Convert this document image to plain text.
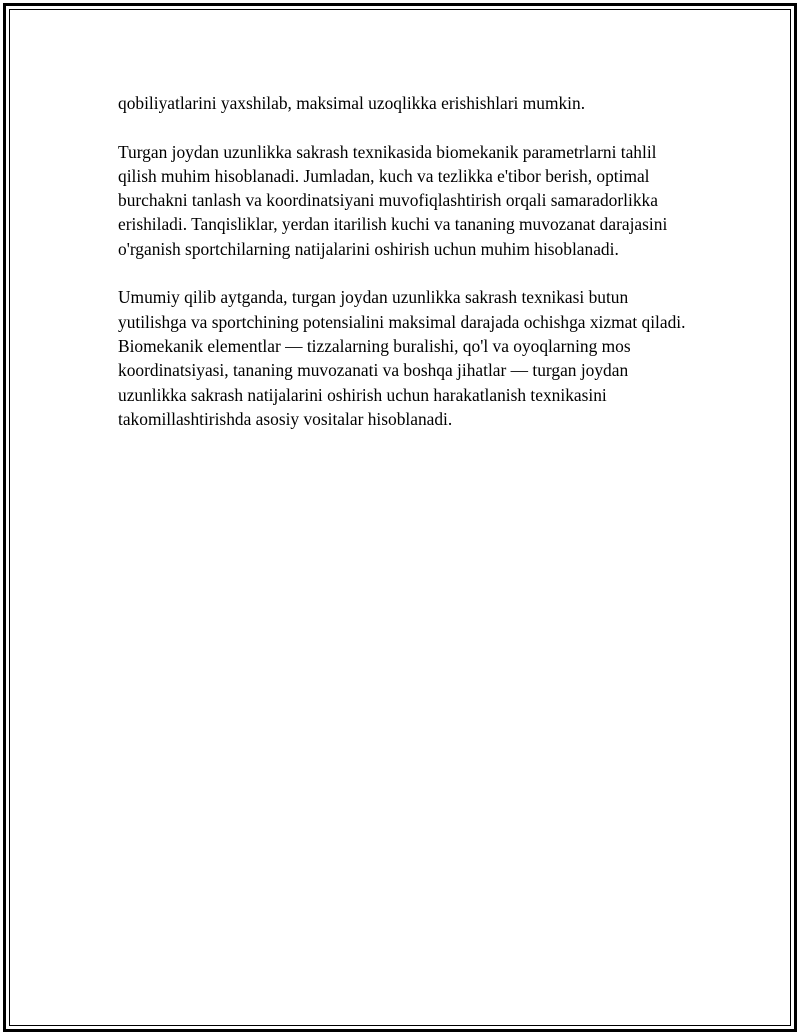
qobiliyatlarini yaxshilab, maksimal uzoqlikka erishishlari mumkin.

Turgan joydan uzunlikka sakrash texnikasida biomekanik parametrlarni tahlil qilish muhim hisoblanadi. Jumladan, kuch va tezlikka e'tibor berish, optimal burchakni tanlash va koordinatsiyani muvofiqlashtirish orqali samaradorlikka erishiladi. Tanqisliklar, yerdan itarilish kuchi va tananing muvozanat darajasini o'rganish sportchilarning natijalarini oshirish uchun muhim hisoblanadi.

Umumiy qilib aytganda, turgan joydan uzunlikka sakrash texnikasi butun yutilishga va sportchining potensialini maksimal darajada ochishga xizmat qiladi. Biomekanik elementlar — tizzalarning buralishi, qo'l va oyoqlarning mos koordinatsiyasi, tananing muvozanati va boshqa jihatlar — turgan joydan uzunlikka sakrash natijalarini oshirish uchun harakatlanish texnikasini takomillashtirishda asosiy vositalar hisoblanadi.
